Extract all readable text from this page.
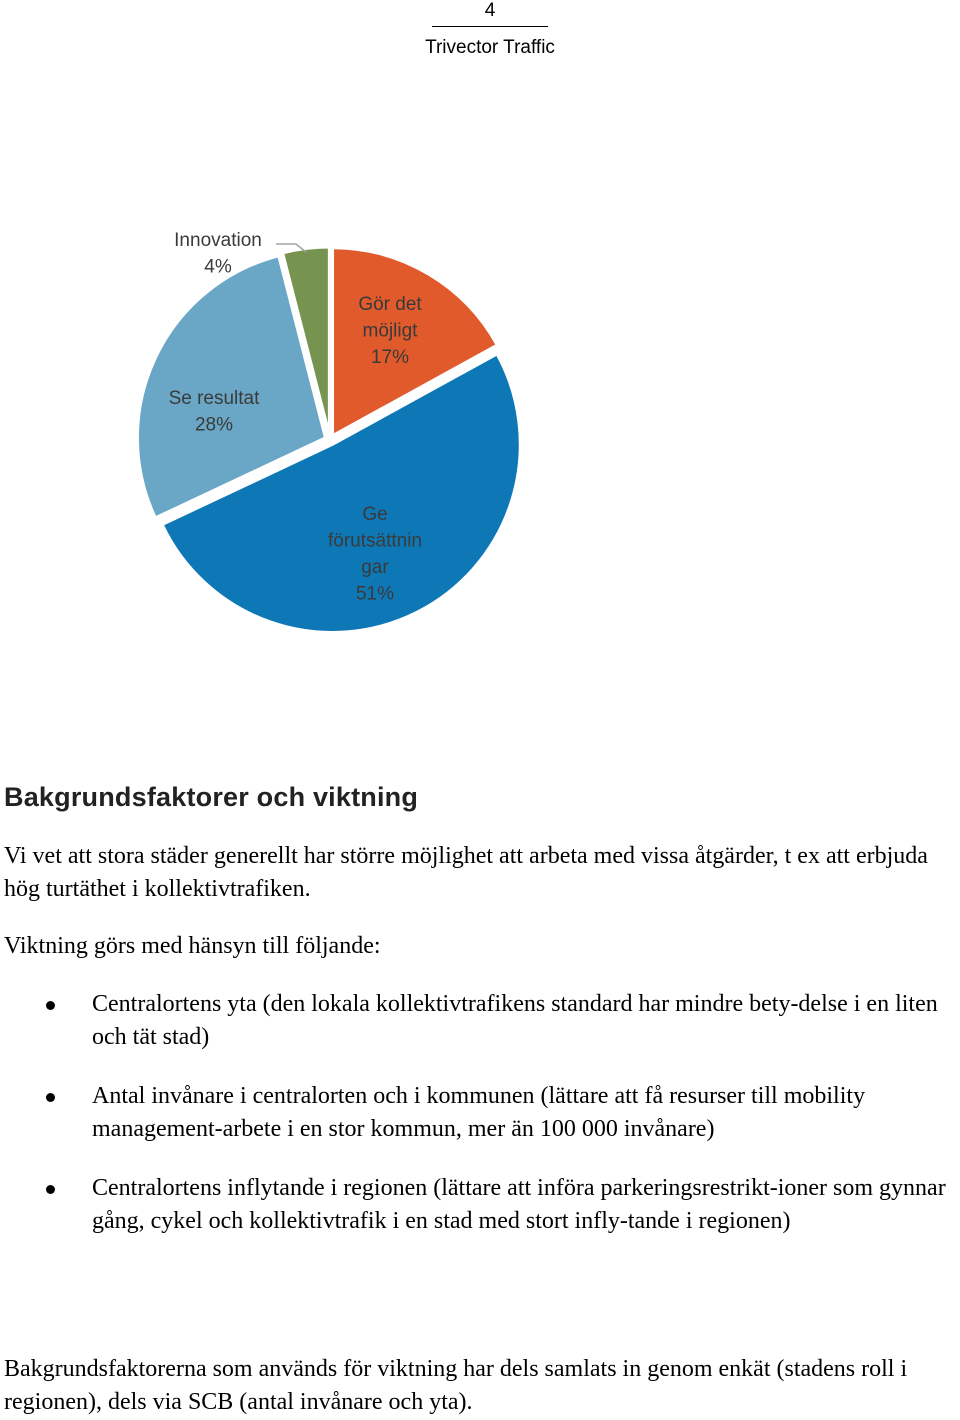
4
Trivector Traffic
Gör det möjligt 17%
Ge förutsättnin gar 51%
Se resultat 28%
Innovation 4%
Bakgrundsfaktorer och viktning

Vi vet att stora städer generellt har större möjlighet att arbeta med vissa åtgärder, t ex att erbjuda hög turtäthet i kollektivtrafiken.

Viktning görs med hänsyn till följande:

Centralortens yta (den lokala kollektivtrafikens standard har mindre bety-delse i en liten och tät stad)
Antal invånare i centralorten och i kommunen (lättare att få resurser till mobility management-arbete i en stor kommun, mer än 100 000 invånare)
Centralortens inflytande i regionen (lättare att införa parkeringsrestrikt-ioner som gynnar gång, cykel och kollektivtrafik i en stad med stort infly-tande i regionen)

Bakgrundsfaktorerna som används för viktning har dels samlats in genom enkät (stadens roll i regionen), dels via SCB (antal invånare och yta).
